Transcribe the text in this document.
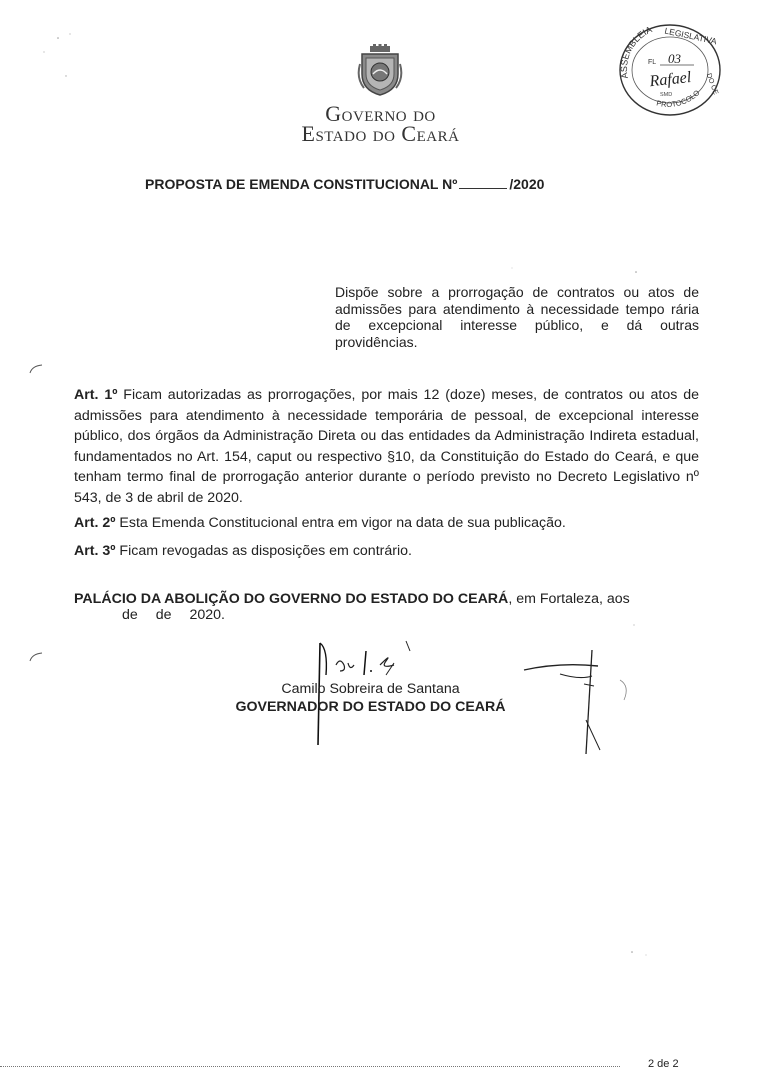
Governo do
Estado do Ceará
ASSEMBLEIA LEGISLATIVA
DO CE
PROTOCOLO
FL 03
Rafael
SMD
PROPOSTA DE EMENDA CONSTITUCIONAL Nº	/2020
Dispõe sobre a prorrogação de contratos ou atos de admissões para atendimento à necessidade tempo rária de excepcional interesse público, e dá outras providências.
Art. 1º Ficam autorizadas as prorrogações, por mais 12 (doze) meses, de contratos ou atos de admissões para atendimento à necessidade temporária de pessoal, de excepcional interesse público, dos órgãos da Administração Direta ou das entidades da Administração Indireta estadual, fundamentados no Art. 154, caput ou respectivo §10, da Constituição do Estado do Ceará, e que tenham termo final de prorrogação anterior durante o período previsto no Decreto Legislativo nº 543, de 3 de abril de 2020.
Art. 2º Esta Emenda Constitucional entra em vigor na data de sua publicação.
Art. 3º Ficam revogadas as disposições em contrário.
PALÁCIO DA ABOLIÇÃO DO GOVERNO DO ESTADO DO CEARÁ, em Fortaleza, aos
de de 2020.
Camilo Sobreira de Santana
GOVERNADOR DO ESTADO DO CEARÁ
2 de 2
